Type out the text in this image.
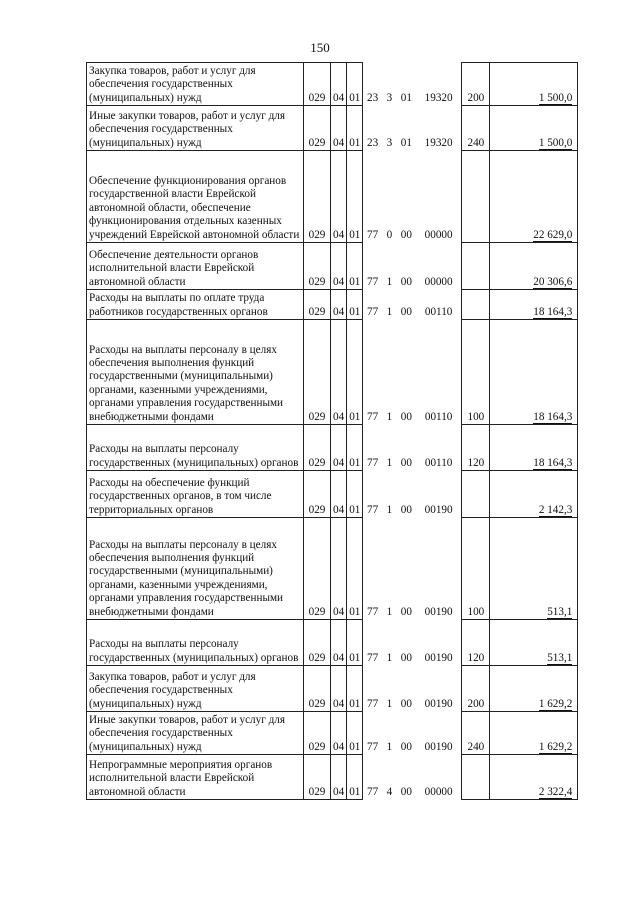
150
Закупка товаров, работ и услуг для обеспечения государственных (муниципальных) нужд	029	04	01	23	3	01	19320	200	1 500,0
Иные закупки товаров, работ и услуг для обеспечения государственных (муниципальных) нужд	029	04	01	23	3	01	19320	240	1 500,0
Обеспечение функционирования органов государственной власти Еврейской автономной области, обеспечение функционирования отдельных казенных учреждений Еврейской автономной области	029	04	01	77	0	00	00000		22 629,0
Обеспечение деятельности органов исполнительной власти Еврейской автономной области	029	04	01	77	1	00	00000		20 306,6
Расходы на выплаты по оплате труда работников государственных органов	029	04	01	77	1	00	00110		18 164,3
Расходы на выплаты персоналу в целях обеспечения выполнения функций государственными (муниципальными) органами, казенными учреждениями, органами управления государственными внебюджетными фондами	029	04	01	77	1	00	00110	100	18 164,3
Расходы на выплаты персоналу государственных (муниципальных) органов	029	04	01	77	1	00	00110	120	18 164,3
Расходы на обеспечение функций государственных органов, в том числе территориальных органов	029	04	01	77	1	00	00190		2 142,3
Расходы на выплаты персоналу в целях обеспечения выполнения функций государственными (муниципальными) органами, казенными учреждениями, органами управления государственными внебюджетными фондами	029	04	01	77	1	00	00190	100	513,1
Расходы на выплаты персоналу государственных (муниципальных) органов	029	04	01	77	1	00	00190	120	513,1
Закупка товаров, работ и услуг для обеспечения государственных (муниципальных) нужд	029	04	01	77	1	00	00190	200	1 629,2
Иные закупки товаров, работ и услуг для обеспечения государственных (муниципальных) нужд	029	04	01	77	1	00	00190	240	1 629,2
Непрограммные мероприятия органов исполнительной власти Еврейской автономной области	029	04	01	77	4	00	00000		2 322,4
